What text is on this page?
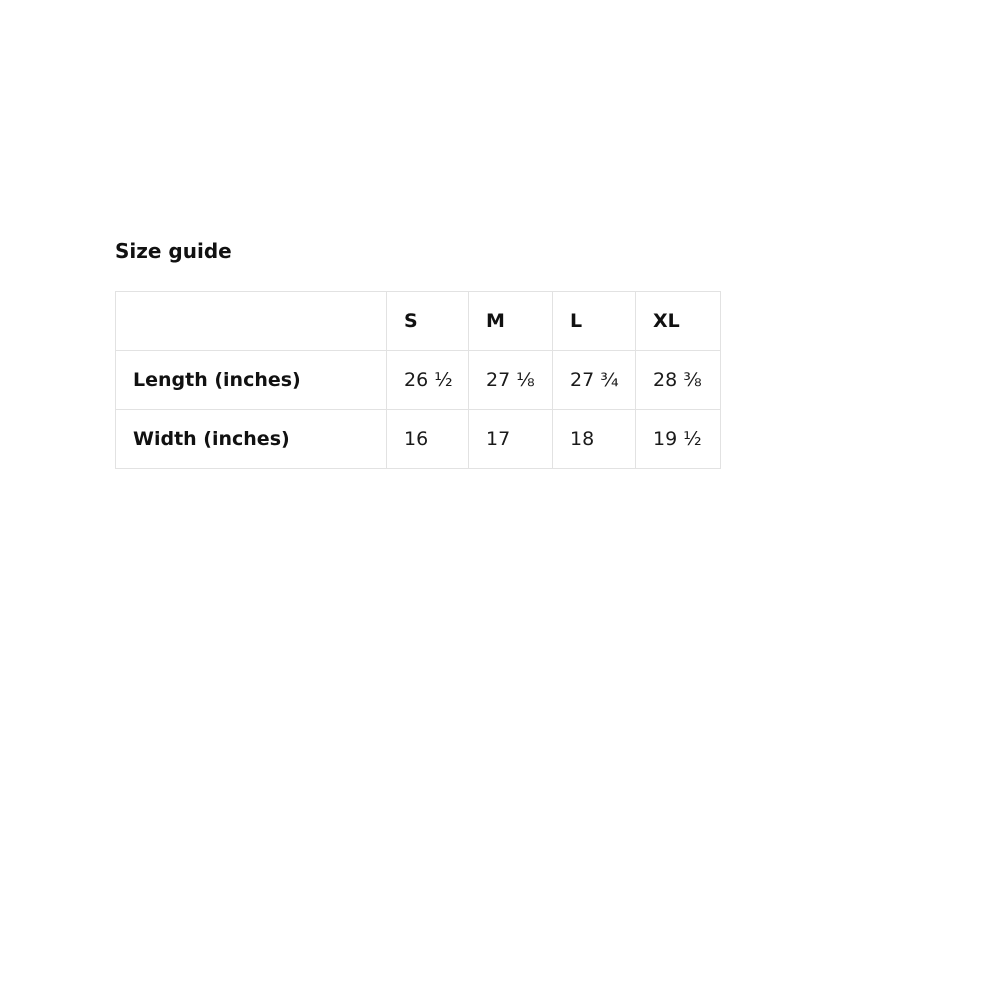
Size guide
	S	M	L	XL
Length (inches)	26 ½	27 ⅛	27 ¾	28 ⅜
Width (inches)	16	17	18	19 ½
